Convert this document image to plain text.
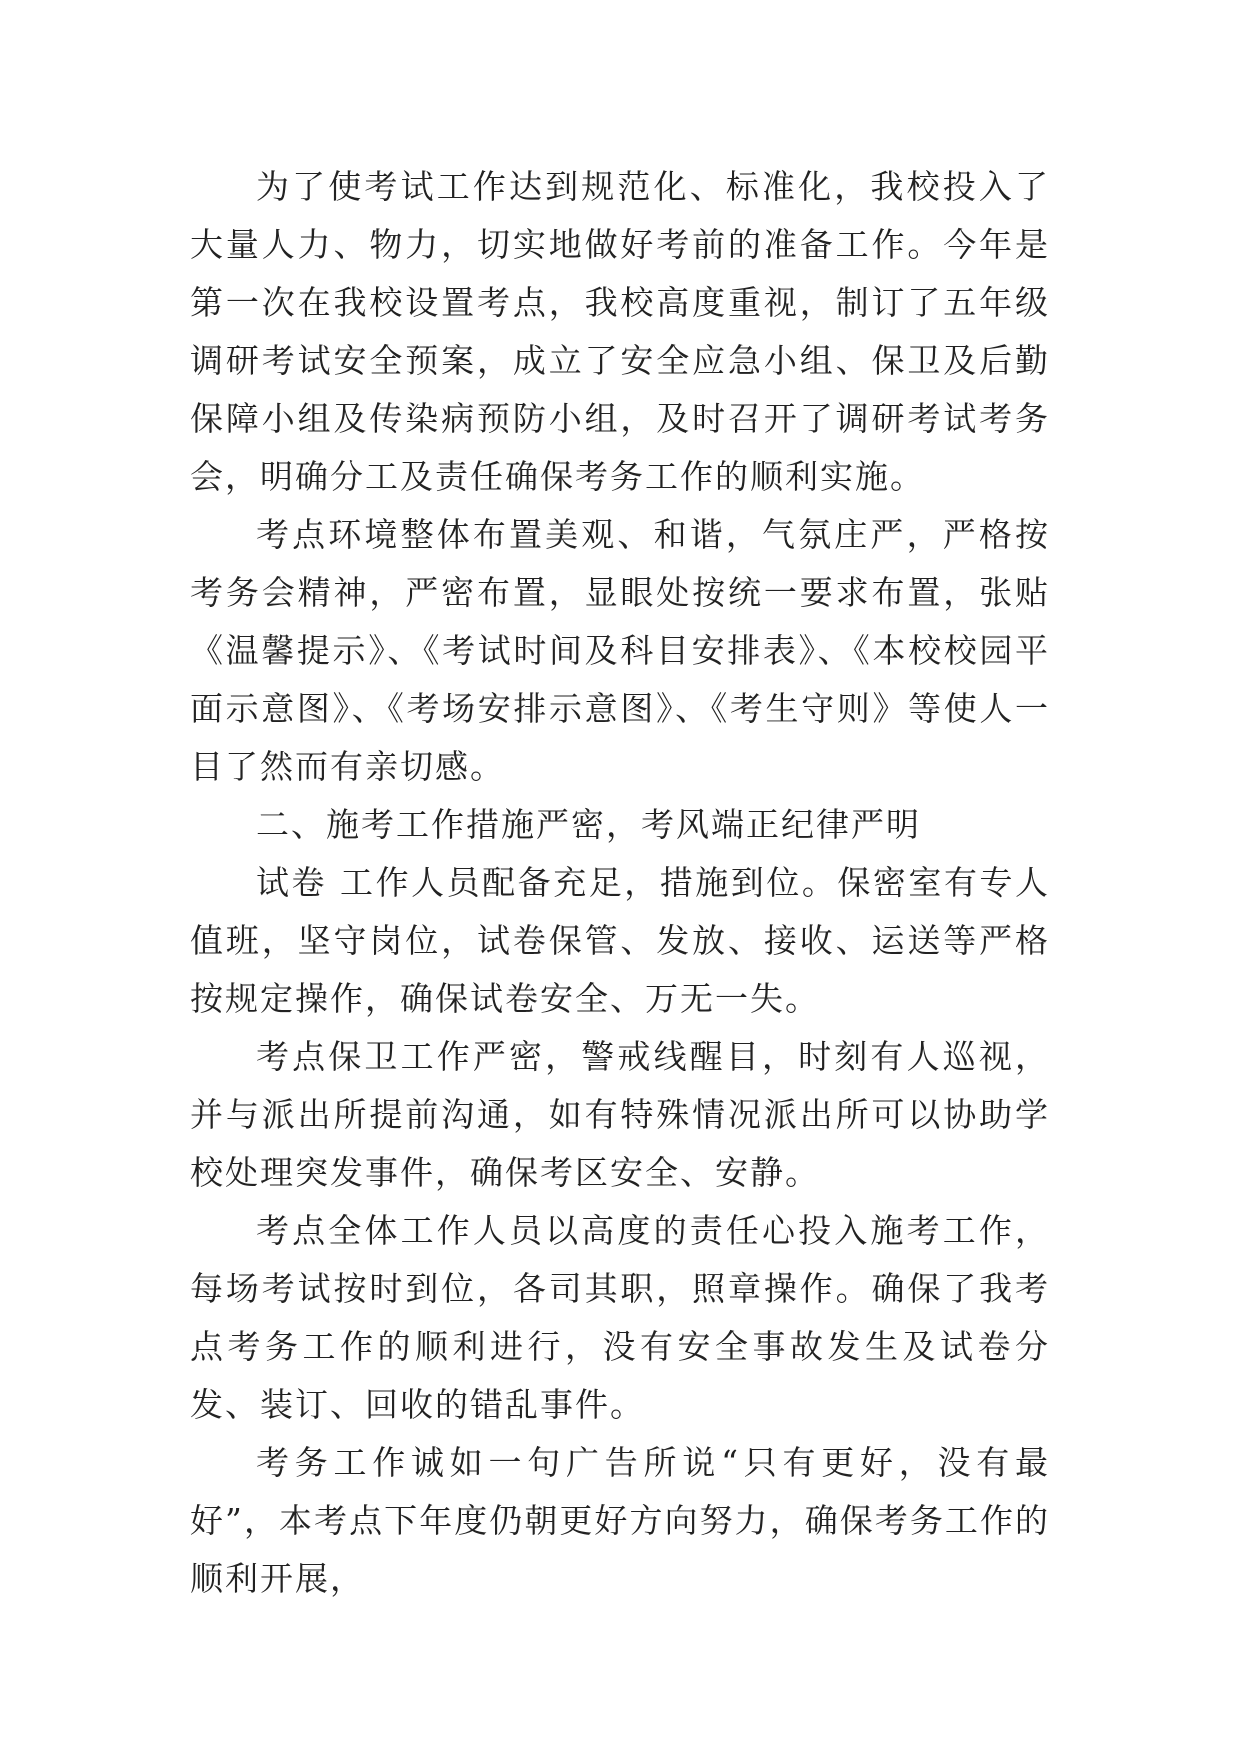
为了使考试工作达到规范化、标准化，我校投入了大量人力、物力，切实地做好考前的准备工作。今年是第一次在我校设置考点，我校高度重视，制订了五年级调研考试安全预案，成立了安全应急小组、保卫及后勤保障小组及传染病预防小组，及时召开了调研考试考务会，明确分工及责任确保考务工作的顺利实施。

考点环境整体布置美观、和谐，气氛庄严，严格按考务会精神，严密布置，显眼处按统一要求布置，张贴《温馨提示》、《考试时间及科目安排表》、《本校校园平面示意图》、《考场安排示意图》、《考生守则》等使人一目了然而有亲切感。

二、施考工作措施严密，考风端正纪律严明

试卷 工作人员配备充足，措施到位。保密室有专人值班，坚守岗位，试卷保管、发放、接收、运送等严格按规定操作，确保试卷安全、万无一失。

考点保卫工作严密，警戒线醒目，时刻有人巡视，并与派出所提前沟通，如有特殊情况派出所可以协助学校处理突发事件，确保考区安全、安静。

考点全体工作人员以高度的责任心投入施考工作，每场考试按时到位，各司其职，照章操作。确保了我考点考务工作的顺利进行，没有安全事故发生及试卷分发、装订、回收的错乱事件。

考务工作诚如一句广告所说“只有更好，没有最好”，本考点下年度仍朝更好方向努力，确保考务工作的顺利开展，
